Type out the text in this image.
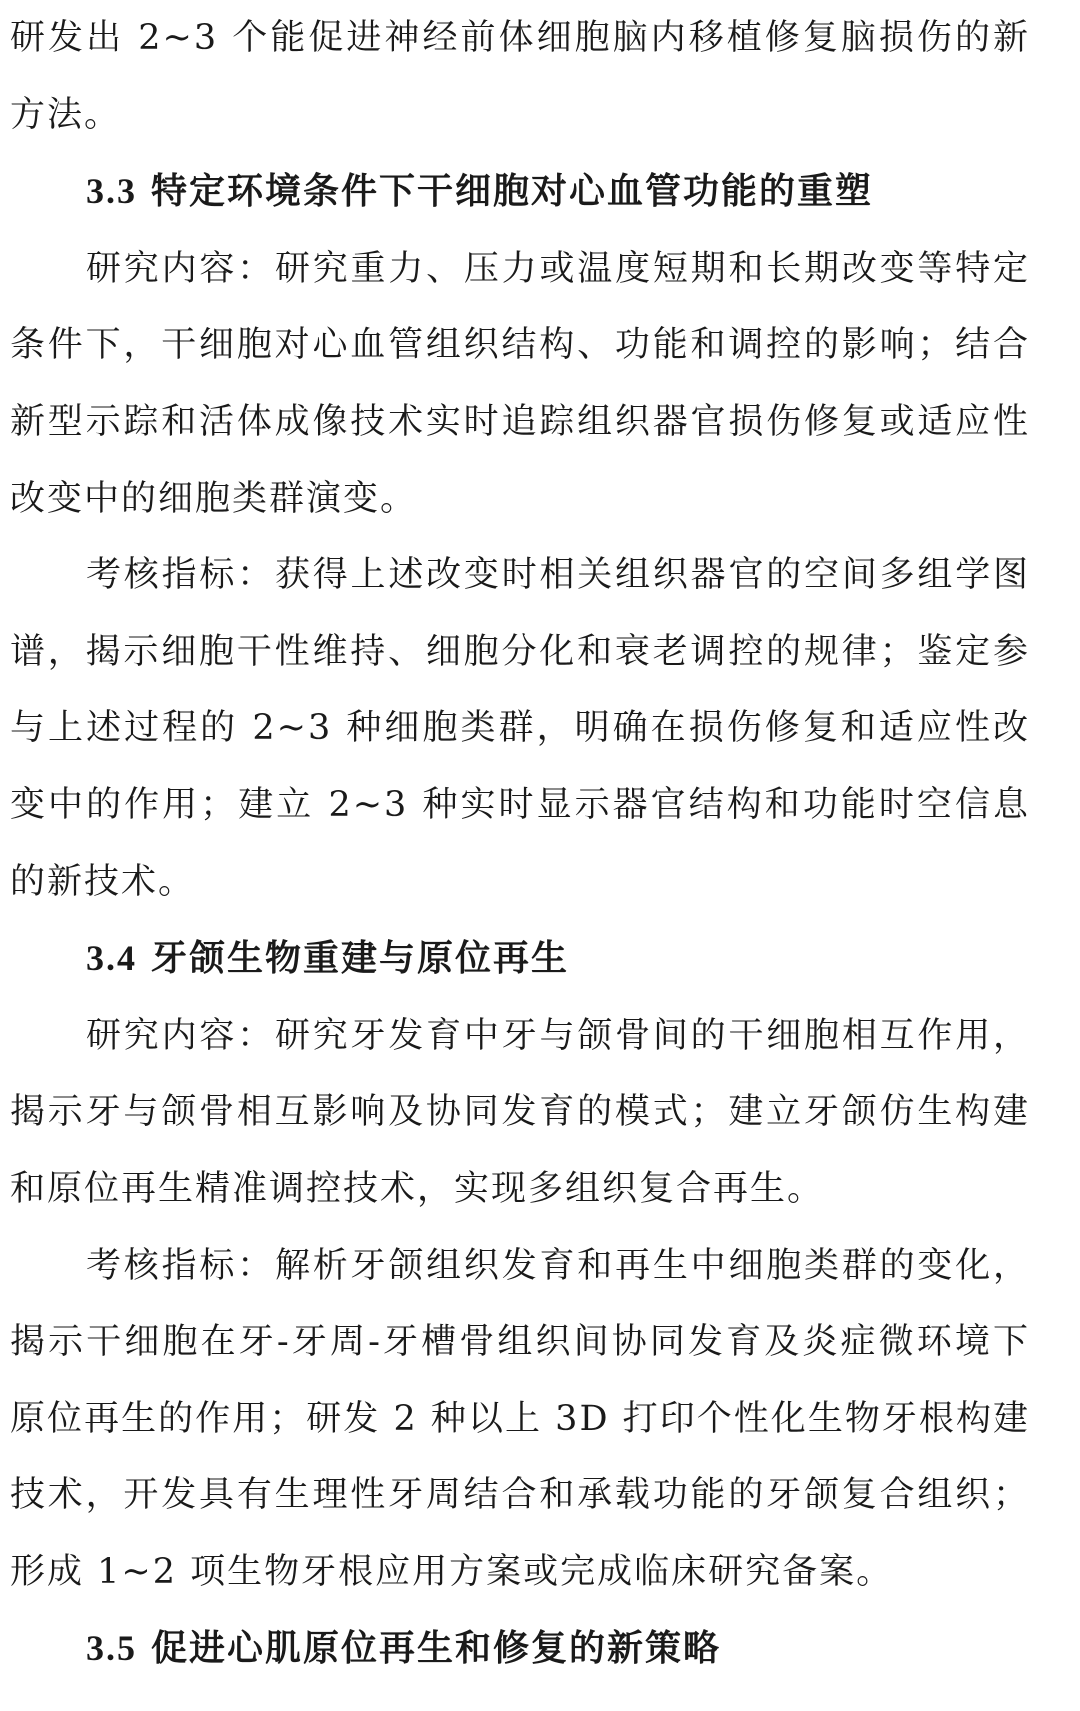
研发出 2~3 个能促进神经前体细胞脑内移植修复脑损伤的新方法。

3.3 特定环境条件下干细胞对心血管功能的重塑

研究内容：研究重力、压力或温度短期和长期改变等特定条件下，干细胞对心血管组织结构、功能和调控的影响；结合新型示踪和活体成像技术实时追踪组织器官损伤修复或适应性改变中的细胞类群演变。

考核指标：获得上述改变时相关组织器官的空间多组学图谱，揭示细胞干性维持、细胞分化和衰老调控的规律；鉴定参与上述过程的 2~3 种细胞类群，明确在损伤修复和适应性改变中的作用；建立 2~3 种实时显示器官结构和功能时空信息的新技术。

3.4 牙颌生物重建与原位再生

研究内容：研究牙发育中牙与颌骨间的干细胞相互作用，揭示牙与颌骨相互影响及协同发育的模式；建立牙颌仿生构建和原位再生精准调控技术，实现多组织复合再生。

考核指标：解析牙颌组织发育和再生中细胞类群的变化，揭示干细胞在牙-牙周-牙槽骨组织间协同发育及炎症微环境下原位再生的作用；研发 2 种以上 3D 打印个性化生物牙根构建技术，开发具有生理性牙周结合和承载功能的牙颌复合组织；形成 1~2 项生物牙根应用方案或完成临床研究备案。

3.5 促进心肌原位再生和修复的新策略
